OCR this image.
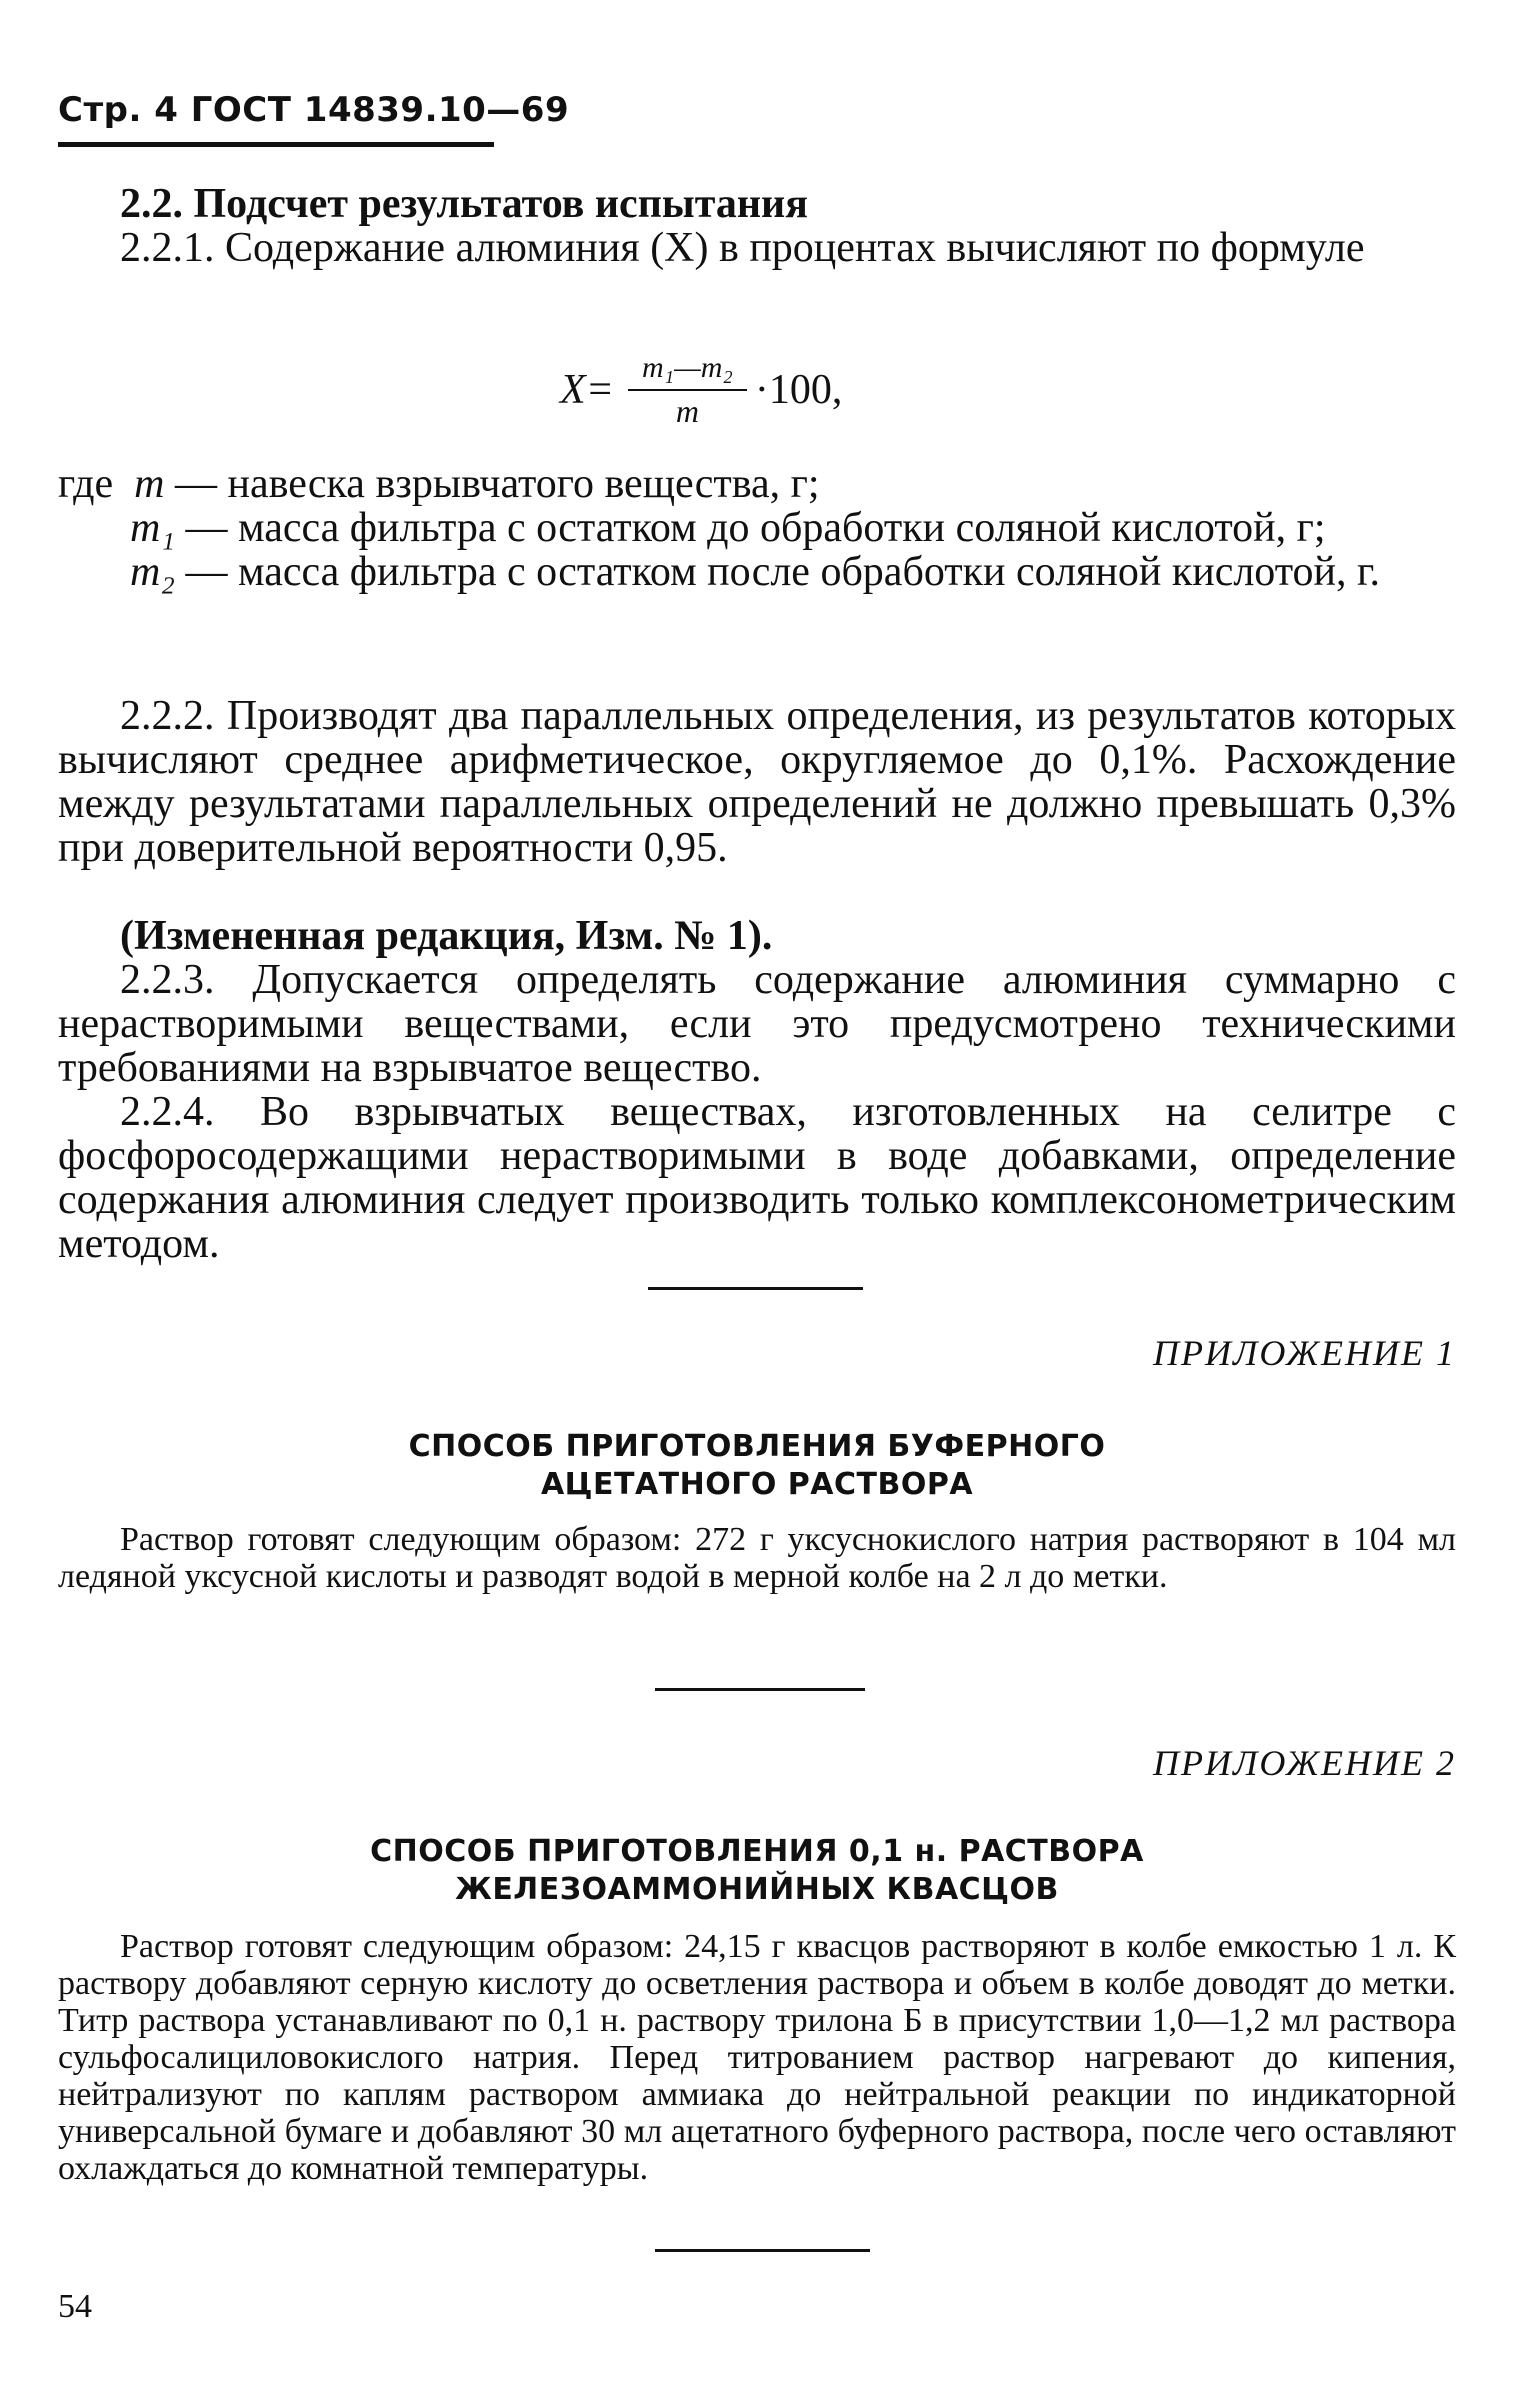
Стр. 4 ГОСТ 14839.10—69

2.2. Подсчет результатов испытания

2.2.1. Содержание алюминия (X) в процентах вычисляют по формуле

$X= \frac{\text{m₁—m₂}}{m} \cdot 100$,
где  m — навеска взрывчатого вещества, г;
m₁ — масса фильтра с остатком до обработки соляной кислотой, г;
m₂ — масса фильтра с остатком после обработки соляной кислотой, г.

2.2.2. Производят два параллельных определения, из результатов которых вычисляют среднее арифметическое, округляемое до 0,1%. Расхождение между результатами параллельных определений не должно превышать 0,3% при доверительной вероятности 0,95.

(Измененная редакция, Изм. № 1).

2.2.3. Допускается определять содержание алюминия суммарно с нерастворимыми веществами, если это предусмотрено техническими требованиями на взрывчатое вещество.

2.2.4. Во взрывчатых веществах, изготовленных на селитре с фосфоросодержащими нерастворимыми в воде добавками, определение содержания алюминия следует производить только комплексонометрическим методом.

ПРИЛОЖЕНИЕ 1

СПОСОБ ПРИГОТОВЛЕНИЯ БУФЕРНОГО
АЦЕТАТНОГО РАСТВОРА

Раствор готовят следующим образом: 272 г уксуснокислого натрия растворяют в 104 мл ледяной уксусной кислоты и разводят водой в мерной колбе на 2 л до метки.

ПРИЛОЖЕНИЕ 2

СПОСОБ ПРИГОТОВЛЕНИЯ 0,1 н. РАСТВОРА
ЖЕЛЕЗОАММОНИЙНЫХ КВАСЦОВ

Раствор готовят следующим образом: 24,15 г квасцов растворяют в колбе емкостью 1 л. К раствору добавляют серную кислоту до осветления раствора и объем в колбе доводят до метки. Титр раствора устанавливают по 0,1 н. раствору трилона Б в присутствии 1,0—1,2 мл раствора сульфосалициловокислого натрия. Перед титрованием раствор нагревают до кипения, нейтрализуют по каплям раствором аммиака до нейтральной реакции по индикаторной универсальной бумаге и добавляют 30 мл ацетатного буферного раствора, после чего оставляют охлаждаться до комнатной температуры.

54
